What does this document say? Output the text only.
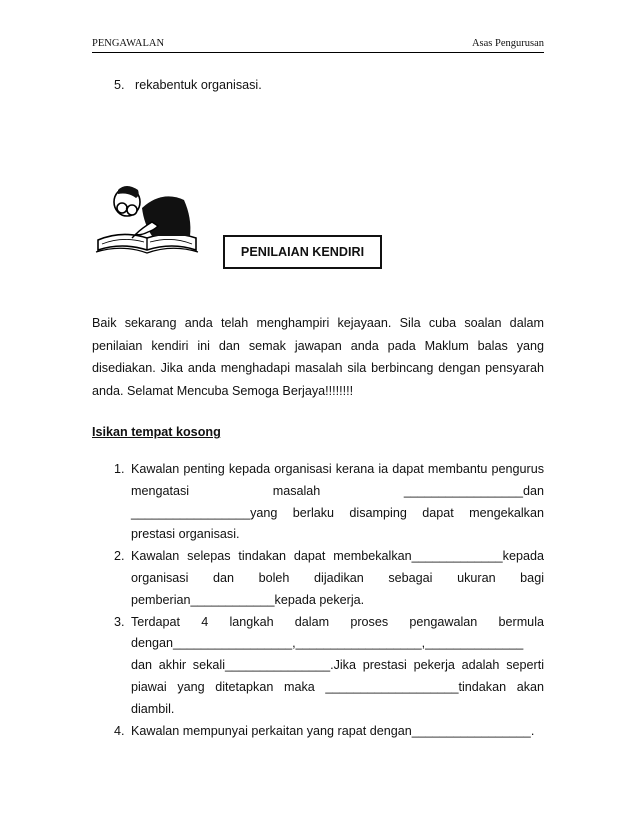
PENGAWALAN	Asas Pengurusan
5. rekabentuk organisasi.
PENILAIAN KENDIRI
Baik sekarang anda telah menghampiri kejayaan. Sila cuba soalan dalam
penilaian kendiri ini dan semak jawapan anda pada Maklum balas yang
disediakan. Jika anda menghadapi masalah sila berbincang dengan pensyarah
anda. Selamat Mencuba Semoga Berjaya!!!!!!!!
Isikan tempat kosong
1. Kawalan penting kepada organisasi kerana ia dapat membantu pengurus
mengatasi masalah _________________dan
_________________yang berlaku disamping dapat mengekalkan
prestasi organisasi.
2. Kawalan selepas tindakan dapat membekalkan_____________kepada
organisasi dan boleh dijadikan sebagai ukuran bagi
pemberian____________kepada pekerja.
3. Terdapat 4 langkah dalam proses pengawalan bermula
dengan_________________,__________________,______________
dan akhir sekali_______________.Jika prestasi pekerja adalah seperti
piawai yang ditetapkan maka ___________________tindakan akan
diambil.
4. Kawalan mempunyai perkaitan yang rapat dengan_________________.
